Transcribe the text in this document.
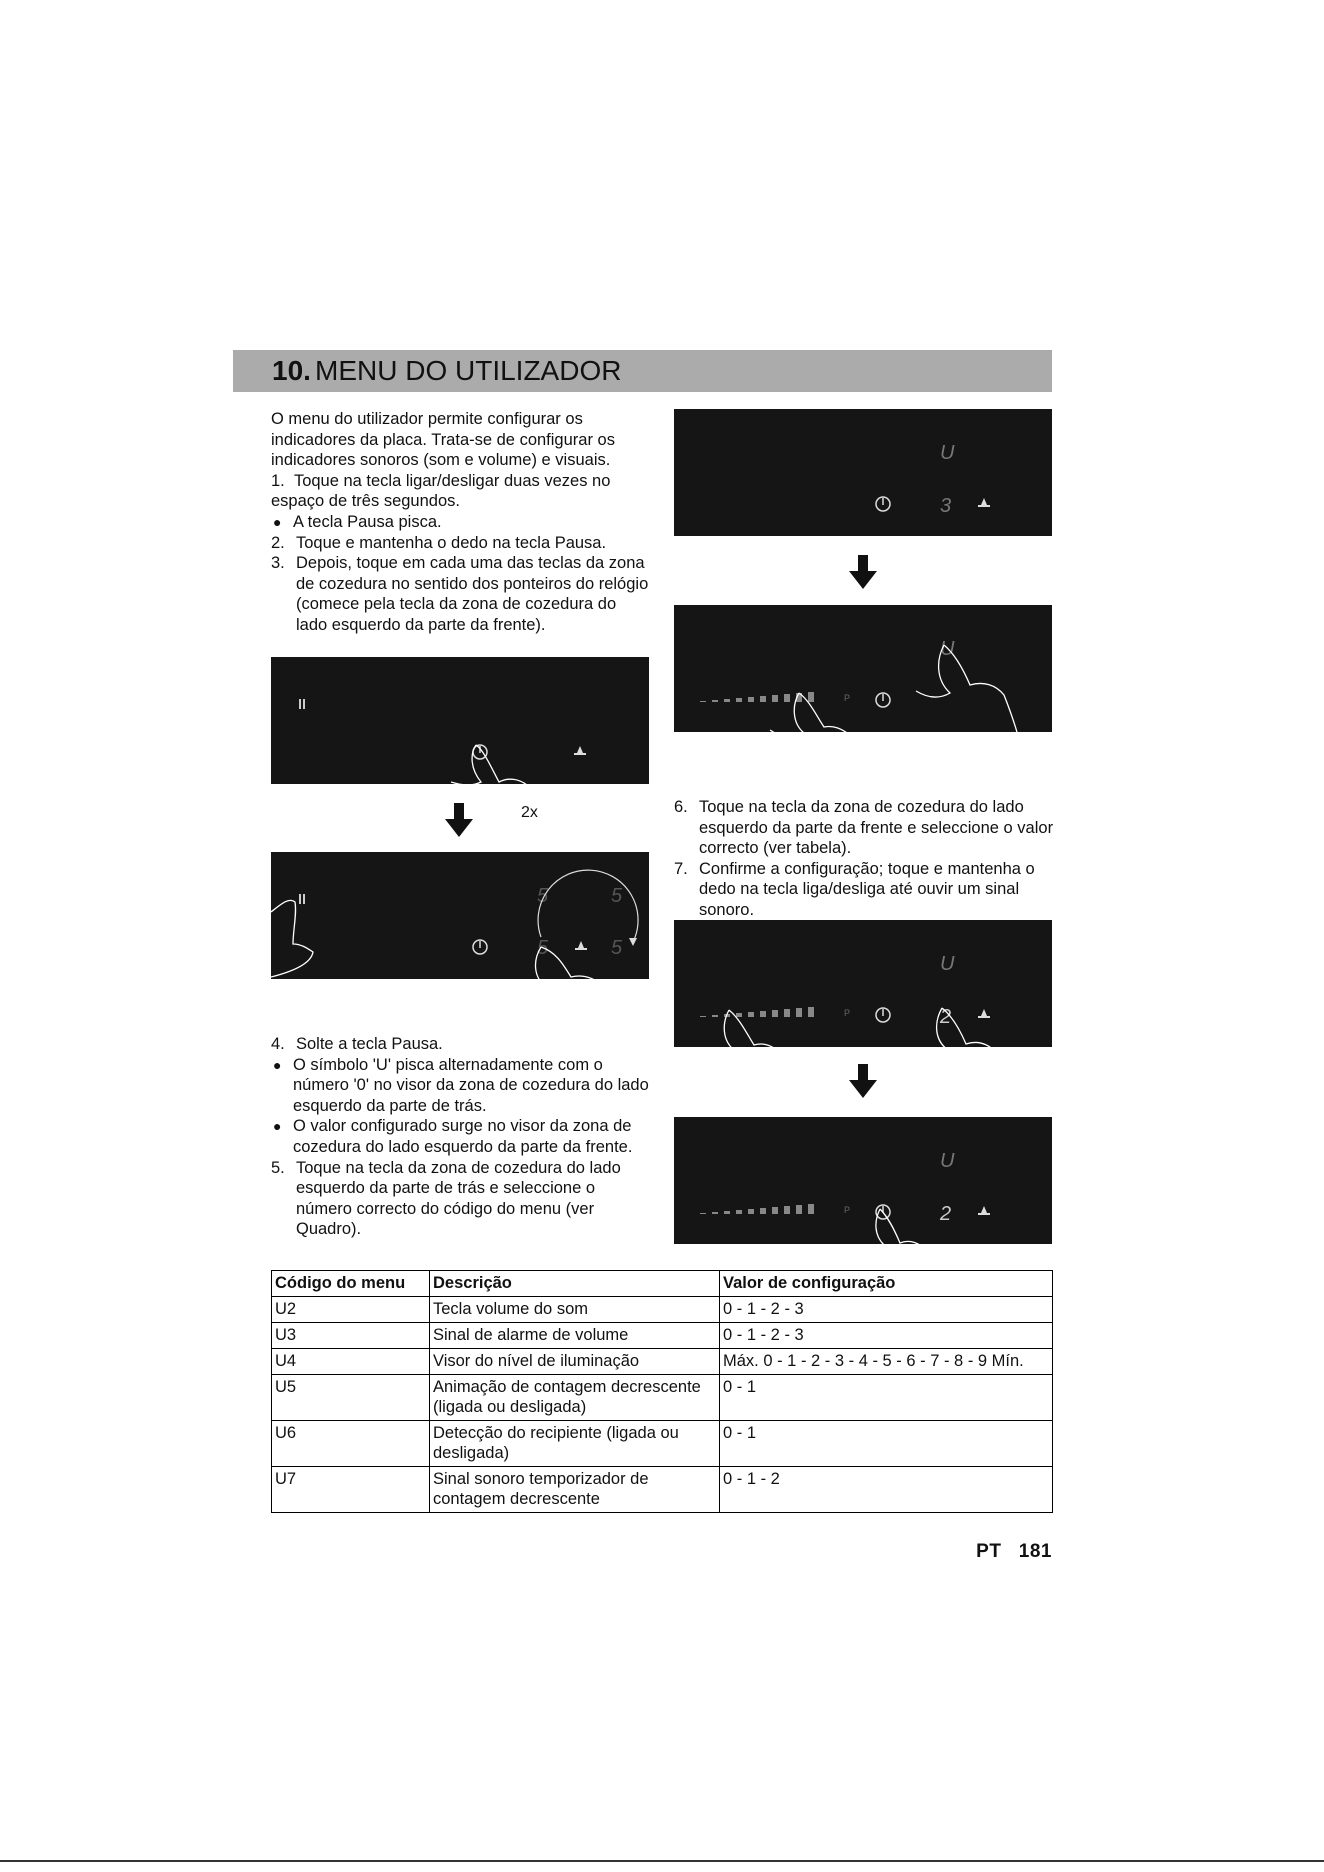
10. MENU DO UTILIZADOR

O menu do utilizador permite configurar os indicadores da placa. Trata-se de configurar os indicadores sonoros (som e volume) e visuais.

1. Toque na tecla ligar/desligar duas vezes no espaço de três segundos.

● A tecla Pausa pisca.

2. Toque e mantenha o dedo na tecla Pausa.

3. Depois, toque em cada uma das teclas da zona de cozedura no sentido dos ponteiros do relógio (comece pela tecla da zona de cozedura do lado esquerdo da parte da frente).

2x
5	5
5	5

4. Solte a tecla Pausa.

● O símbolo 'U' pisca alternadamente com o número '0' no visor da zona de cozedura do lado esquerdo da parte de trás.

● O valor configurado surge no visor da zona de cozedura do lado esquerdo da parte da frente.

5. Toque na tecla da zona de cozedura do lado esquerdo da parte de trás e seleccione o número correcto do código do menu (ver Quadro).

U
3
P
U

6. Toque na tecla da zona de cozedura do lado esquerdo da parte da frente e seleccione o valor correcto (ver tabela).

7. Confirme a configuração; toque e mantenha o dedo na tecla liga/desliga até ouvir um sinal sonoro.

P
U
2
P
U
2
Código do menu	Descrição	Valor de configuração
U2	Tecla volume do som	0 - 1 - 2 - 3
U3	Sinal de alarme de volume	0 - 1 - 2 - 3
U4	Visor do nível de iluminação	Máx. 0 - 1 - 2 - 3 - 4 - 5 - 6 - 7 - 8 - 9 Mín.
U5	Animação de contagem decrescente (ligada ou desligada)	0 - 1
U6	Detecção do recipiente (ligada ou desligada)	0 - 1
U7	Sinal sonoro temporizador de contagem decrescente	0 - 1 - 2
PT 181
